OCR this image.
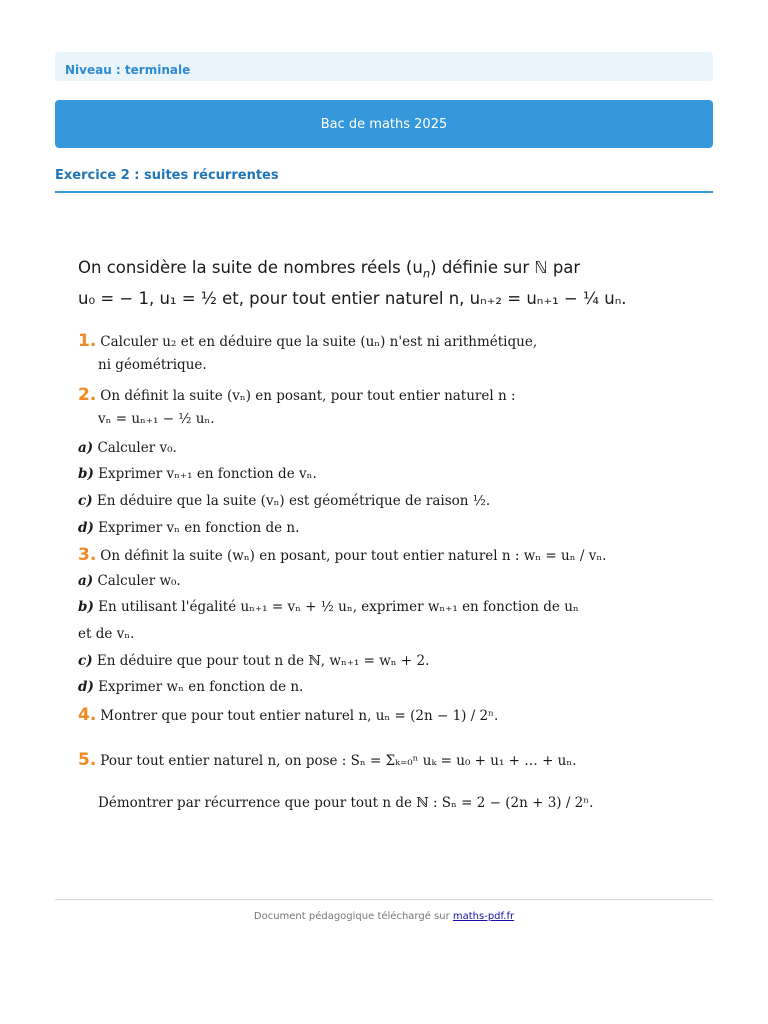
Niveau : terminale
Bac de maths 2025
Exercice 2 : suites récurrentes
On considère la suite de nombres réels $(u_n)$ définie sur ℕ par
u₀ = − 1, u₁ = ½ et, pour tout entier naturel n, uₙ₊₂ = uₙ₊₁ − ¼ uₙ.
1. Calculer u₂ et en déduire que la suite (uₙ) n'est ni arithmétique,
ni géométrique.
2. On définit la suite (vₙ) en posant, pour tout entier naturel n :
vₙ = uₙ₊₁ − ½ uₙ.
a) Calculer v₀.
b) Exprimer vₙ₊₁ en fonction de vₙ.
c) En déduire que la suite (vₙ) est géométrique de raison ½.
d) Exprimer vₙ en fonction de n.
3. On définit la suite (wₙ) en posant, pour tout entier naturel n : wₙ = uₙ / vₙ.
a) Calculer w₀.
b) En utilisant l'égalité uₙ₊₁ = vₙ + ½ uₙ, exprimer wₙ₊₁ en fonction de uₙ
et de vₙ.
c) En déduire que pour tout n de ℕ, wₙ₊₁ = wₙ + 2.
d) Exprimer wₙ en fonction de n.
4. Montrer que pour tout entier naturel n, uₙ = (2n − 1) / 2ⁿ.
5. Pour tout entier naturel n, on pose : Sₙ = Σₖ₌₀ⁿ uₖ = u₀ + u₁ + … + uₙ.
Démontrer par récurrence que pour tout n de ℕ : Sₙ = 2 − (2n + 3) / 2ⁿ.
Document pédagogique téléchargé sur maths-pdf.fr
